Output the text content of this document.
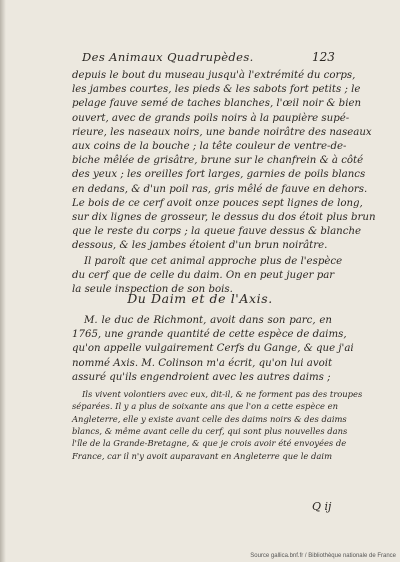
Des Animaux Quadrupèdes.	123
depuis le bout du museau jusqu'à l'extrémité du corps,
les jambes courtes, les pieds & les sabots fort petits ; le
pelage fauve semé de taches blanches, l'œil noir & bien
ouvert, avec de grands poils noirs à la paupière supé-
rieure, les naseaux noirs, une bande noirâtre des naseaux
aux coins de la bouche ; la tête couleur de ventre-de-
biche mêlée de grisâtre, brune sur le chanfrein & à côté
des yeux ; les oreilles fort larges, garnies de poils blancs
en dedans, & d'un poil ras, gris mêlé de fauve en dehors.
Le bois de ce cerf avoit onze pouces sept lignes de long,
sur dix lignes de grosseur, le dessus du dos étoit plus brun
que le reste du corps ; la queue fauve dessus & blanche
dessous, & les jambes étoient d'un brun noirâtre.
Il paroît que cet animal approche plus de l'espèce
du cerf que de celle du daim. On en peut juger par
la seule inspection de son bois.
Du Daim et de l'Axis.
M. le duc de Richmont, avoit dans son parc, en
1765, une grande quantité de cette espèce de daims,
qu'on appelle vulgairement Cerfs du Gange, & que j'ai
nommé Axis. M. Colinson m'a écrit, qu'on lui avoit
assuré qu'ils engendroient avec les autres daims ;
Ils vivent volontiers avec eux, dit-il, & ne forment pas des troupes
séparées. Il y a plus de soixante ans que l'on a cette espèce en
Angleterre, elle y existe avant celle des daims noirs & des daims
blancs, & même avant celle du cerf, qui sont plus nouvelles dans
l'île de la Grande-Bretagne, & que je crois avoir été envoyées de
France, car il n'y avoit auparavant en Angleterre que le daim
Q ij
Source gallica.bnf.fr / Bibliothèque nationale de France
